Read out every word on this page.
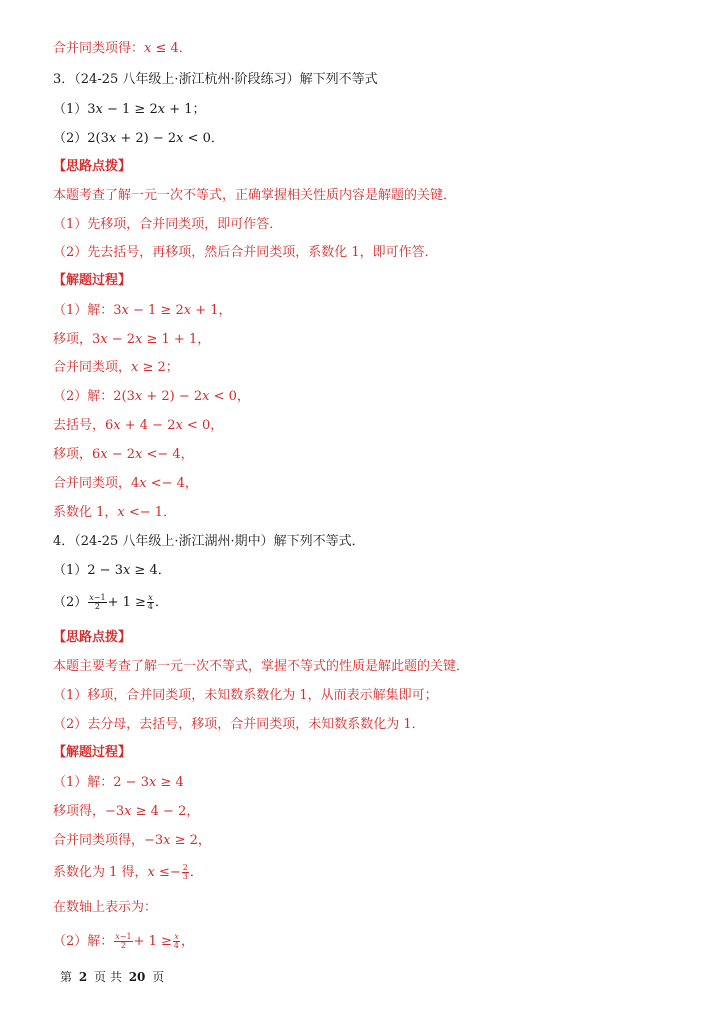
合并同类项得：𝑥 ≤ 4．
3．（24-25 八年级上·浙江杭州·阶段练习）解下列不等式
（1）3𝑥 − 1 ≥ 2𝑥 + 1；
（2）2(3𝑥 + 2) − 2𝑥 < 0．
【思路点拨】
本题考查了解一元一次不等式，正确掌握相关性质内容是解题的关键．
（1）先移项，合并同类项，即可作答．
（2）先去括号，再移项，然后合并同类项，系数化 1，即可作答．
【解题过程】
（1）解：3𝑥 − 1 ≥ 2𝑥 + 1，
移项，3𝑥 − 2𝑥 ≥ 1 + 1，
合并同类项，𝑥 ≥ 2；
（2）解：2(3𝑥 + 2) − 2𝑥 < 0，
去括号，6𝑥 + 4 − 2𝑥 < 0，
移项，6𝑥 − 2𝑥 <− 4，
合并同类项，4𝑥 <− 4，
系数化 1，𝑥 <− 1．
4．（24-25 八年级上·浙江湖州·期中）解下列不等式．
（1）2 − 3𝑥 ≥ 4．
$(2) \frac{\text{𝑥−1}}{2} + 1 \ge \frac{\text{𝑥}}{4}$ ．
【思路点拨】
本题主要考查了解一元一次不等式，掌握不等式的性质是解此题的关键．
（1）移项，合并同类项，未知数系数化为 1，从而表示解集即可；
（2）去分母，去括号，移项，合并同类项，未知数系数化为 1．
【解题过程】
（1）解：2 − 3𝑥 ≥ 4
移项得，−3𝑥 ≥ 4 − 2，
合并同类项得，−3𝑥 ≥ 2，
系数化为 1 得，𝑥 ≤− $\frac{2}{3}$ ．
在数轴上表示为：
（2）解： $\frac{\text{𝑥−1}}{2} + 1 \ge \frac{\text{𝑥}}{4}$ ，
第 2 页 共 20 页
